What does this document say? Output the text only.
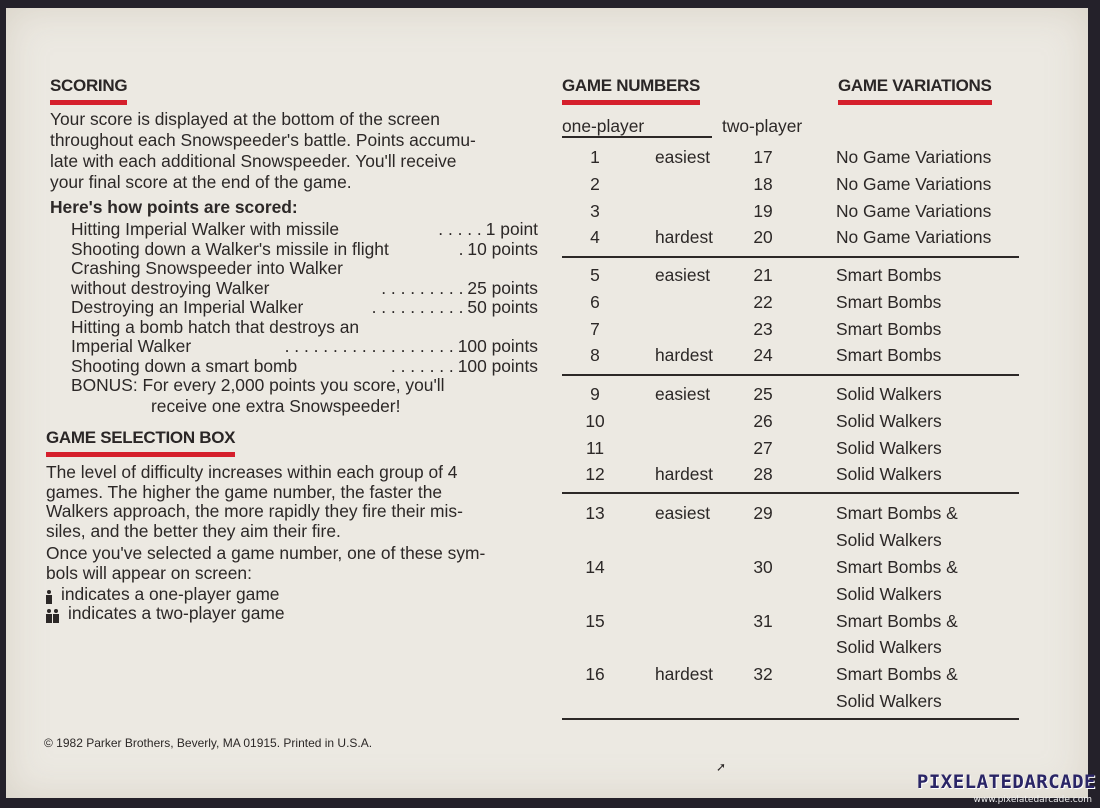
SCORING
Your score is displayed at the bottom of the screen
throughout each Snowspeeder's battle. Points accumu-
late with each additional Snowspeeder. You'll receive
your final score at the end of the game.
Here's how points are scored:
Hitting Imperial Walker with missile	. . . . . 1 point
Shooting down a Walker's missile in flight	. 10 points
Crashing Snowspeeder into Walker
without destroying Walker	. . . . . . . . . 25 points
Destroying an Imperial Walker	. . . . . . . . . . 50 points
Hitting a bomb hatch that destroys an
Imperial Walker	. . . . . . . . . . . . . . . . . . 100 points
Shooting down a smart bomb	. . . . . . . 100 points
BONUS: For every 2,000 points you score, you'll
receive one extra Snowspeeder!
GAME SELECTION BOX
The level of difficulty increases within each group of 4
games. The higher the game number, the faster the
Walkers approach, the more rapidly they fire their mis-
siles, and the better they aim their fire.
Once you've selected a game number, one of these sym-
bols will appear on screen:
indicates a one-player game
indicates a two-player game
GAME NUMBERS	GAME VARIATIONS
one-player	two-player
1	easiest	17	No Game Variations
2	18	No Game Variations
3	19	No Game Variations
4	hardest	20	No Game Variations
5	easiest	21	Smart Bombs
6	22	Smart Bombs
7	23	Smart Bombs
8	hardest	24	Smart Bombs
9	easiest	25	Solid Walkers
10	26	Solid Walkers
11	27	Solid Walkers
12	hardest	28	Solid Walkers
13	easiest	29	Smart Bombs &
Solid Walkers
14	30	Smart Bombs &
Solid Walkers
15	31	Smart Bombs &
Solid Walkers
16	hardest	32	Smart Bombs &
Solid Walkers
© 1982 Parker Brothers, Beverly, MA 01915. Printed in U.S.A.
➚
PIXELATEDARCADE
www.pixelatedarcade.com
